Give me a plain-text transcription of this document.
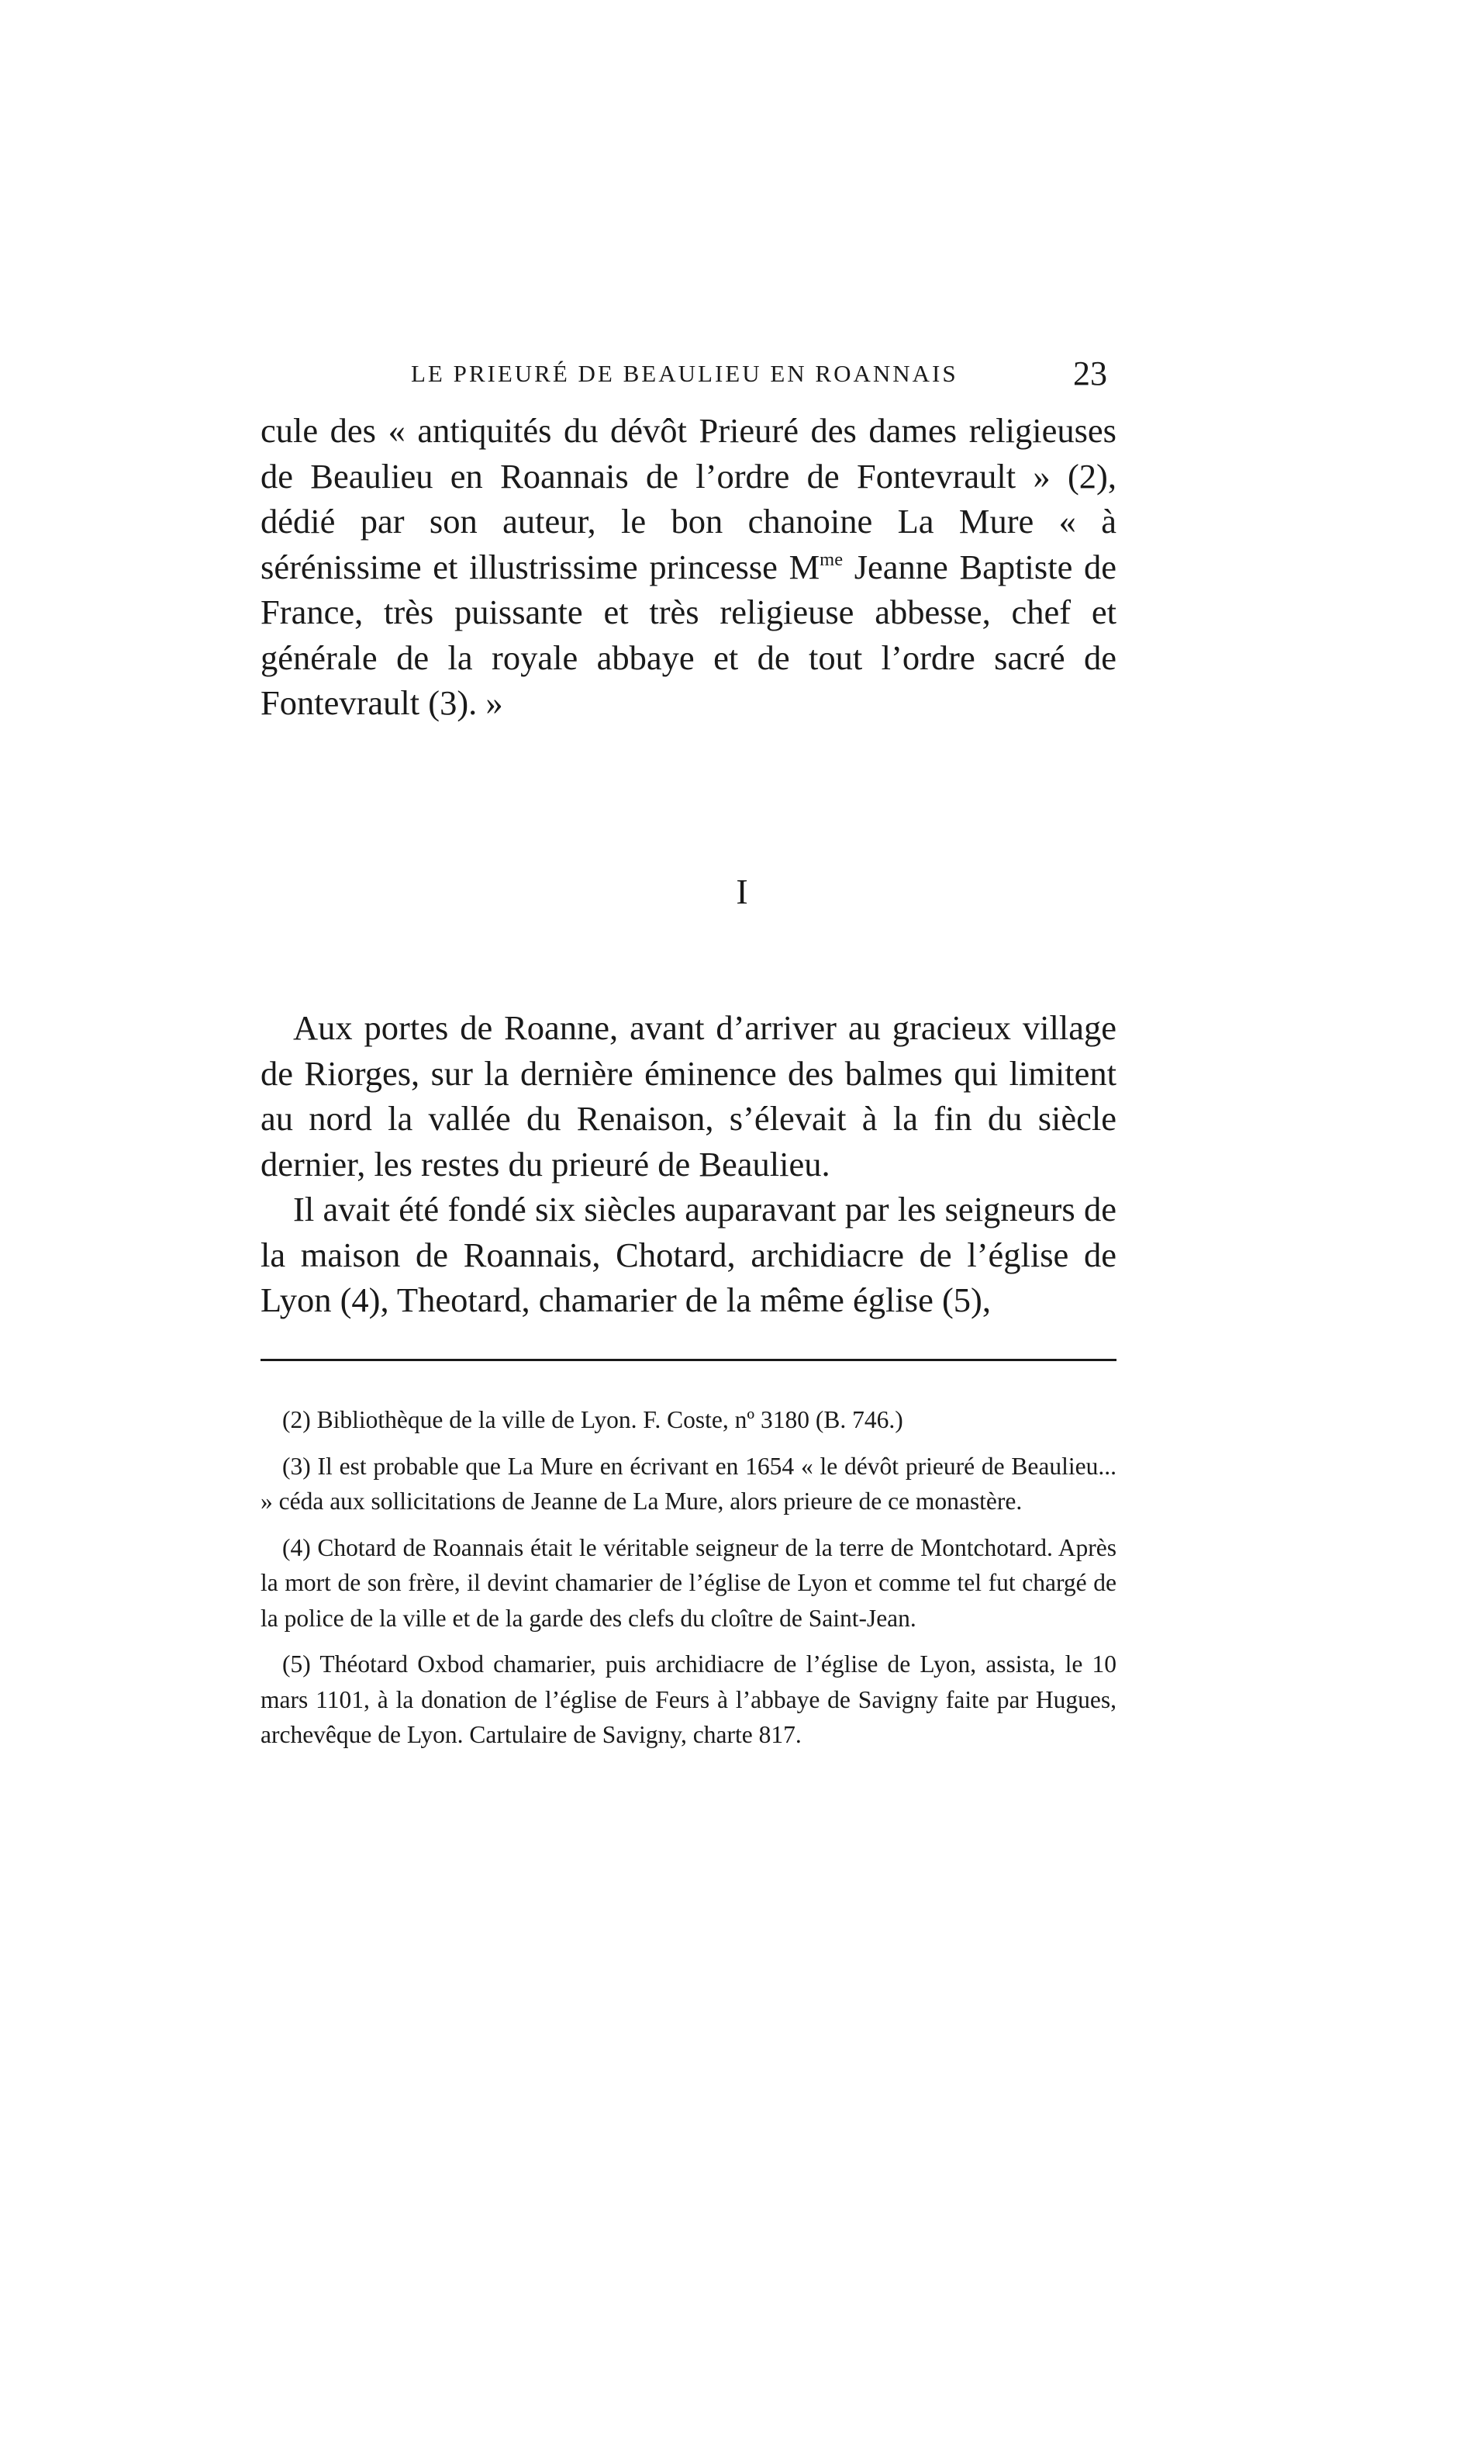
LE PRIEURÉ DE BEAULIEU EN ROANNAIS	23

cule des « antiquités du dévôt Prieuré des dames religieuses de Beaulieu en Roannais de l’ordre de Fontevrault » (2), dédié par son auteur, le bon chanoine La Mure « à sérénissime et illustrissime princesse $M^{me}$ Jeanne Baptiste de France, très puissante et très religieuse abbesse, chef et générale de la royale abbaye et de tout l’ordre sacré de Fontevrault (3). »

I

Aux portes de Roanne, avant d’arriver au gracieux village de Riorges, sur la dernière éminence des balmes qui limitent au nord la vallée du Renaison, s’élevait à la fin du siècle dernier, les restes du prieuré de Beaulieu.

Il avait été fondé six siècles auparavant par les seigneurs de la maison de Roannais, Chotard, archidiacre de l’église de Lyon (4), Theotard, chamarier de la même église (5),

(2) Bibliothèque de la ville de Lyon. F. Coste, nº 3180 (B. 746.)

(3) Il est probable que La Mure en écrivant en 1654 « le dévôt prieuré de Beaulieu... » céda aux sollicitations de Jeanne de La Mure, alors prieure de ce monastère.

(4) Chotard de Roannais était le véritable seigneur de la terre de Montchotard. Après la mort de son frère, il devint chamarier de l’église de Lyon et comme tel fut chargé de la police de la ville et de la garde des clefs du cloître de Saint-Jean.

(5) Théotard Oxbod chamarier, puis archidiacre de l’église de Lyon, assista, le 10 mars 1101, à la donation de l’église de Feurs à l’abbaye de Savigny faite par Hugues, archevêque de Lyon. Cartulaire de Savigny, charte 817.
